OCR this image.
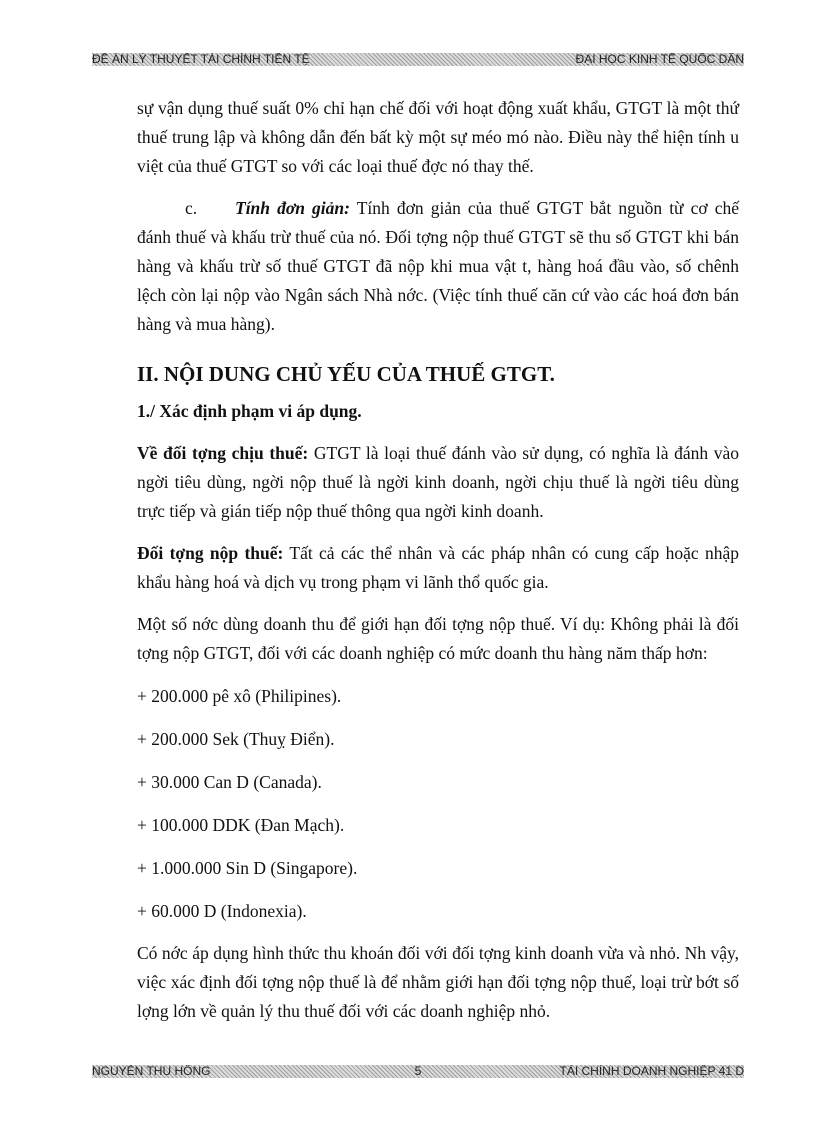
ĐỀ ÁN LÝ THUYẾT TÀI CHÍNH TIỀN TỆ	ĐẠI HỌC KINH TẾ QUỐC DÂN

sự vận dụng thuế suất 0% chỉ hạn chế đối với hoạt động xuất khẩu, GTGT là một thứ thuế trung lập và không dẫn đến bất kỳ một sự méo mó nào. Điều này thể hiện tính u việt của thuế GTGT so với các loại thuế đợc nó thay thế.

c. Tính đơn giản: Tính đơn giản của thuế GTGT bắt nguồn từ cơ chế đánh thuế và khấu trừ thuế của nó. Đối tợng nộp thuế GTGT sẽ thu số GTGT khi bán hàng và khấu trừ số thuế GTGT đã nộp khi mua vật t, hàng hoá đầu vào, số chênh lệch còn lại nộp vào Ngân sách Nhà nớc. (Việc tính thuế căn cứ vào các hoá đơn bán hàng và mua hàng).

II. NỘI DUNG CHỦ YẾU CỦA THUẾ GTGT.
1./ Xác định phạm vi áp dụng.

Về đối tợng chịu thuế: GTGT là loại thuế đánh vào sử dụng, có nghĩa là đánh vào ngời tiêu dùng, ngời nộp thuế là ngời kinh doanh, ngời chịu thuế là ngời tiêu dùng trực tiếp và gián tiếp nộp thuế thông qua ngời kinh doanh.

Đối tợng nộp thuế: Tất cả các thể nhân và các pháp nhân có cung cấp hoặc nhập khẩu hàng hoá và dịch vụ trong phạm vi lãnh thổ quốc gia.

Một số nớc dùng doanh thu để giới hạn đối tợng nộp thuế. Ví dụ: Không phải là đối tợng nộp GTGT, đối với các doanh nghiệp có mức doanh thu hàng năm thấp hơn:

+ 200.000 pê xô (Philipines).

+ 200.000 Sek (Thuỵ Điển).

+ 30.000 Can D (Canada).

+ 100.000 DDK (Đan Mạch).

+ 1.000.000 Sin D (Singapore).

+ 60.000 D (Indonexia).

Có nớc áp dụng hình thức thu khoán đối với đối tợng kinh doanh vừa và nhỏ. Nh vậy, việc xác định đối tợng nộp thuế là để nhằm giới hạn đối tợng nộp thuế, loại trừ bớt số lợng lớn về quản lý thu thuế đối với các doanh nghiệp nhỏ.

NGUYỄN THU HỒNG	5	TÀI CHÍNH DOANH NGHIỆP 41 D
